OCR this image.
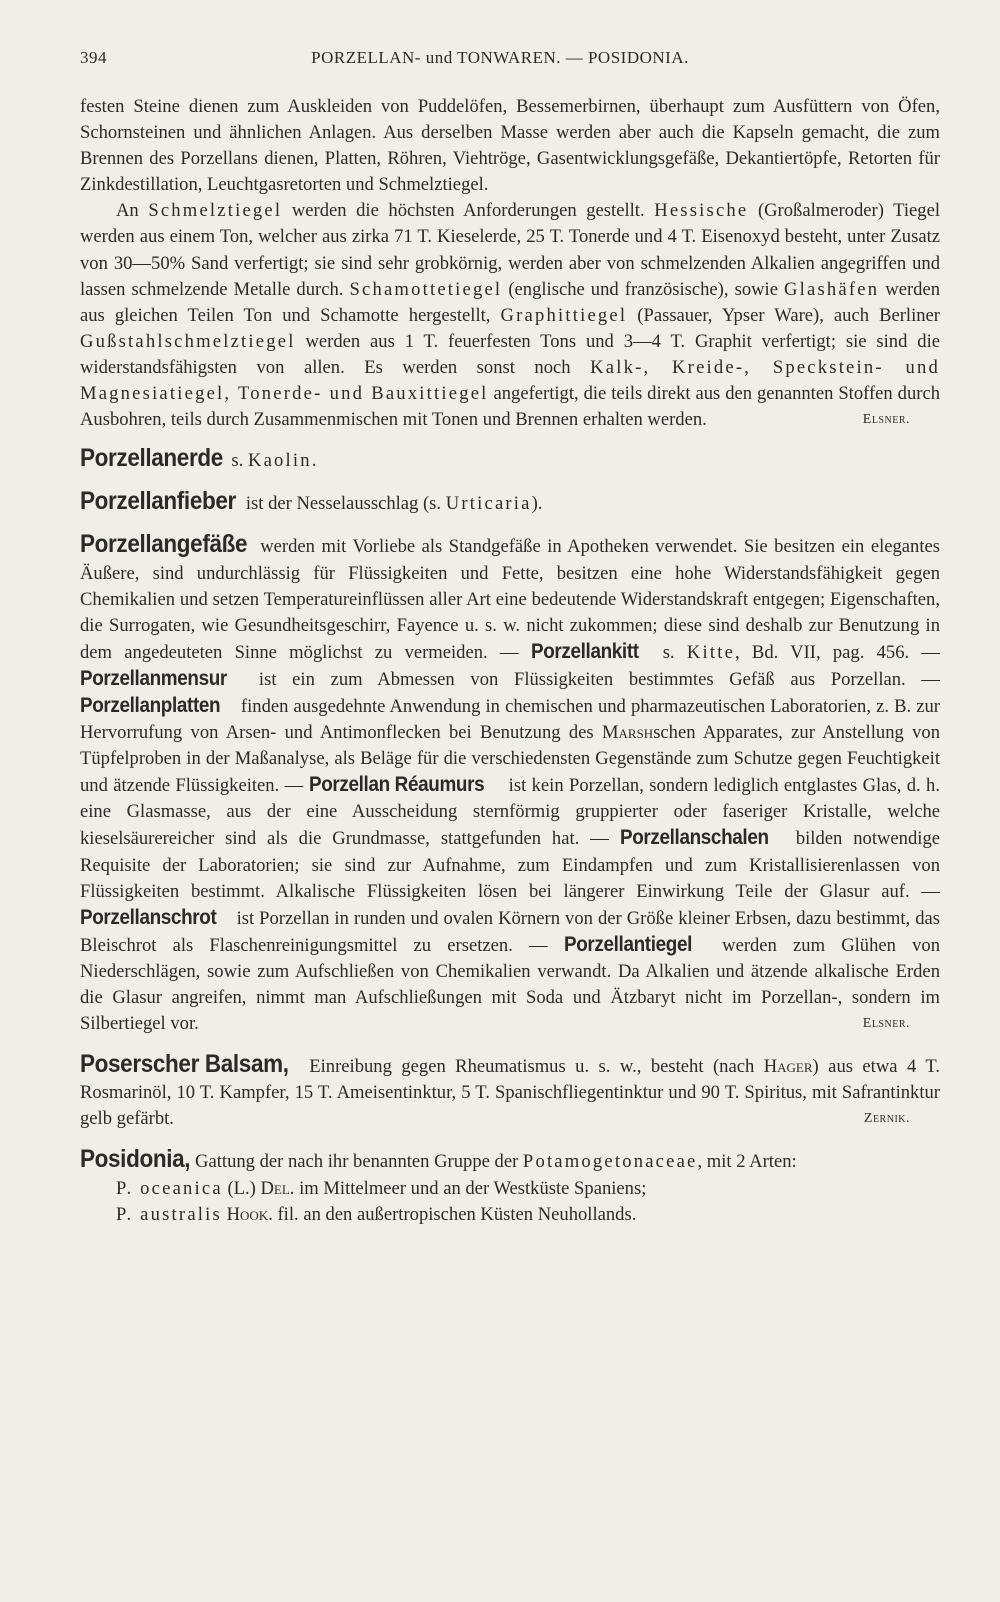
394	PORZELLAN- und TONWAREN. — POSIDONIA.

festen Steine dienen zum Auskleiden von Puddelöfen, Bessemerbirnen, überhaupt zum Ausfüttern von Öfen, Schornsteinen und ähnlichen Anlagen. Aus derselben Masse werden aber auch die Kapseln gemacht, die zum Brennen des Porzellans dienen, Platten, Röhren, Viehtröge, Gasentwicklungsgefäße, Dekantiertöpfe, Retorten für Zinkdestillation, Leuchtgasretorten und Schmelztiegel.

An Schmelztiegel werden die höchsten Anforderungen gestellt. Hessische (Großalmeroder) Tiegel werden aus einem Ton, welcher aus zirka 71 T. Kieselerde, 25 T. Tonerde und 4 T. Eisenoxyd besteht, unter Zusatz von 30—50% Sand verfertigt; sie sind sehr grobkörnig, werden aber von schmelzenden Alkalien angegriffen und lassen schmelzende Metalle durch. Schamottetiegel (englische und französische), sowie Glashäfen werden aus gleichen Teilen Ton und Schamotte hergestellt, Graphittiegel (Passauer, Ypser Ware), auch Berliner Gußstahlschmelztiegel werden aus 1 T. feuerfesten Tons und 3—4 T. Graphit verfertigt; sie sind die widerstandsfähigsten von allen. Es werden sonst noch Kalk-, Kreide-, Speckstein- und Magnesiatiegel, Tonerde- und Bauxittiegel angefertigt, die teils direkt aus den genannten Stoffen durch Ausbohren, teils durch Zusammenmischen mit Tonen und Brennen erhalten werden.	Elsner.

Porzellanerde s. Kaolin.

Porzellanfieber ist der Nesselausschlag (s. Urticaria).

Porzellangefäße werden mit Vorliebe als Standgefäße in Apotheken verwendet. Sie besitzen ein elegantes Äußere, sind undurchlässig für Flüssigkeiten und Fette, besitzen eine hohe Widerstandsfähigkeit gegen Chemikalien und setzen Temperatureinflüssen aller Art eine bedeutende Widerstandskraft entgegen; Eigenschaften, die Surrogaten, wie Gesundheitsgeschirr, Fayence u. s. w. nicht zukommen; diese sind deshalb zur Benutzung in dem angedeuteten Sinne möglichst zu vermeiden. — Porzellankitt s. Kitte, Bd. VII, pag. 456. — Porzellanmensur ist ein zum Abmessen von Flüssigkeiten bestimmtes Gefäß aus Porzellan. — Porzellanplatten finden ausgedehnte Anwendung in chemischen und pharmazeutischen Laboratorien, z. B. zur Hervorrufung von Arsen- und Antimonflecken bei Benutzung des Marshschen Apparates, zur Anstellung von Tüpfelproben in der Maßanalyse, als Beläge für die verschiedensten Gegenstände zum Schutze gegen Feuchtigkeit und ätzende Flüssigkeiten. — Porzellan Réaumurs ist kein Porzellan, sondern lediglich entglastes Glas, d. h. eine Glasmasse, aus der eine Ausscheidung sternförmig gruppierter oder faseriger Kristalle, welche kieselsäurereicher sind als die Grundmasse, stattgefunden hat. — Porzellanschalen bilden notwendige Requisite der Laboratorien; sie sind zur Aufnahme, zum Eindampfen und zum Kristallisierenlassen von Flüssigkeiten bestimmt. Alkalische Flüssigkeiten lösen bei längerer Einwirkung Teile der Glasur auf. — Porzellanschrot ist Porzellan in runden und ovalen Körnern von der Größe kleiner Erbsen, dazu bestimmt, das Bleischrot als Flaschenreinigungsmittel zu ersetzen. — Porzellantiegel werden zum Glühen von Niederschlägen, sowie zum Aufschließen von Chemikalien verwandt. Da Alkalien und ätzende alkalische Erden die Glasur angreifen, nimmt man Aufschließungen mit Soda und Ätzbaryt nicht im Porzellan-, sondern im Silbertiegel vor.	Elsner.

Poserscher Balsam, Einreibung gegen Rheumatismus u. s. w., besteht (nach Hager) aus etwa 4 T. Rosmarinöl, 10 T. Kampfer, 15 T. Ameisentinktur, 5 T. Spanischfliegentinktur und 90 T. Spiritus, mit Safrantinktur gelb gefärbt.	Zernik.

Posidonia, Gattung der nach ihr benannten Gruppe der Potamogetonaceae, mit 2 Arten:

P. oceanica (L.) Del. im Mittelmeer und an der Westküste Spaniens;

P. australis Hook. fil. an den außertropischen Küsten Neuhollands.
